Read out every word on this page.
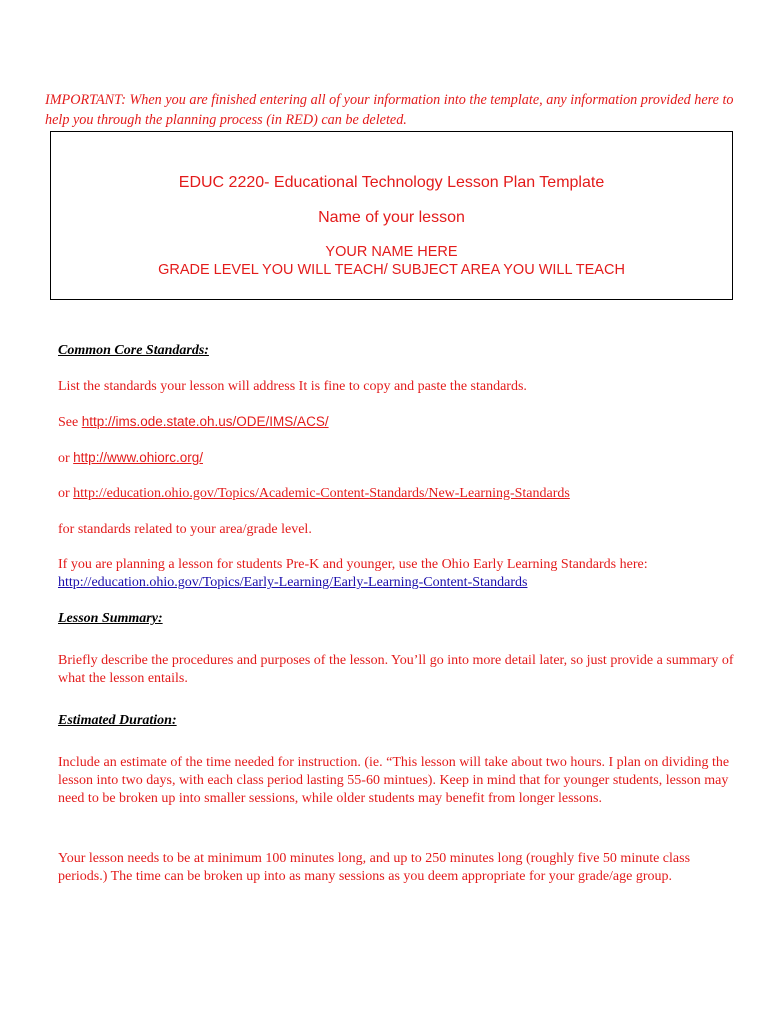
IMPORTANT: When you are finished entering all of your information into the template, any information provided here to help you through the planning process (in RED) can be deleted.
EDUC 2220- Educational Technology Lesson Plan Template
Name of your lesson
YOUR NAME HERE
GRADE LEVEL YOU WILL TEACH/ SUBJECT AREA YOU WILL TEACH
Common Core Standards:
List the standards your lesson will address It is fine to copy and paste the standards.
See http://ims.ode.state.oh.us/ODE/IMS/ACS/
or http://www.ohiorc.org/
or http://education.ohio.gov/Topics/Academic-Content-Standards/New-Learning-Standards
for standards related to your area/grade level.
If you are planning a lesson for students Pre-K and younger, use the Ohio Early Learning Standards here:
http://education.ohio.gov/Topics/Early-Learning/Early-Learning-Content-Standards
Lesson Summary:
Briefly describe the procedures and purposes of the lesson. You’ll go into more detail later, so just provide a summary of what the lesson entails.
Estimated Duration:
Include an estimate of the time needed for instruction. (ie. “This lesson will take about two hours. I plan on dividing the lesson into two days, with each class period lasting 55-60 mintues). Keep in mind that for younger students, lesson may need to be broken up into smaller sessions, while older students may benefit from longer lessons.
Your lesson needs to be at minimum 100 minutes long, and up to 250 minutes long (roughly five 50 minute class periods.) The time can be broken up into as many sessions as you deem appropriate for your grade/age group.
